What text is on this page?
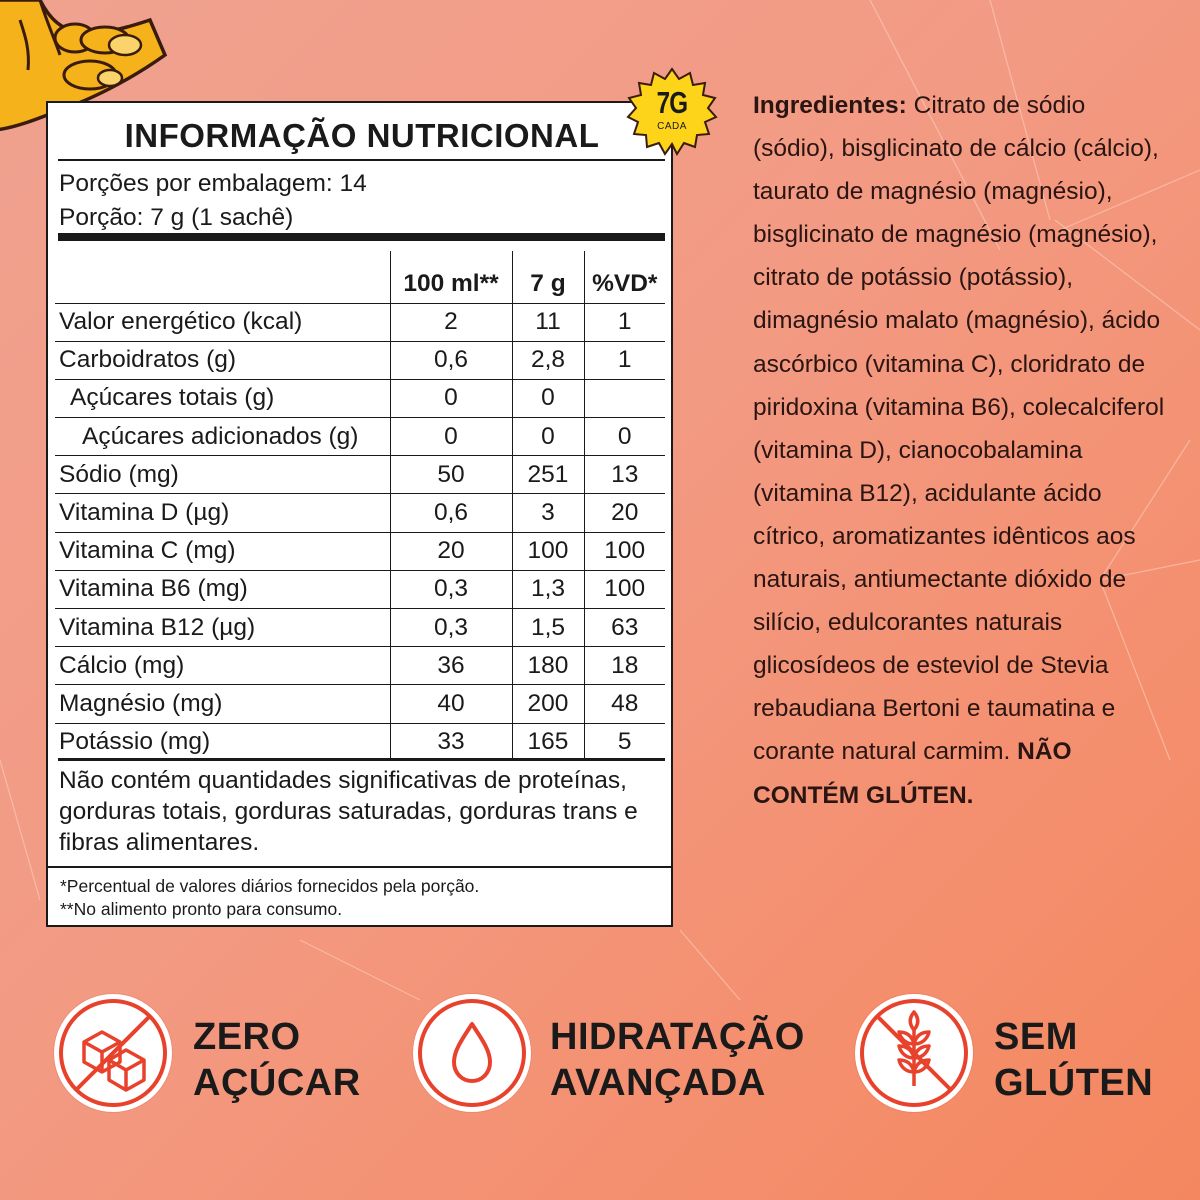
INFORMAÇÃO NUTRICIONAL
Porções por embalagem: 14
Porção: 7 g (1 sachê)
	100 ml**	7 g	%VD*
Valor energético (kcal)	2	11	1
Carboidratos (g)	0,6	2,8	1
Açúcares totais (g)	0	0	
Açúcares adicionados (g)	0	0	0
Sódio (mg)	50	251	13
Vitamina D (µg)	0,6	3	20
Vitamina C (mg)	20	100	100
Vitamina B6 (mg)	0,3	1,3	100
Vitamina B12 (µg)	0,3	1,5	63
Cálcio (mg)	36	180	18
Magnésio (mg)	40	200	48
Potássio (mg)	33	165	5
Não contém quantidades significativas de proteínas, gorduras totais, gorduras saturadas, gorduras trans e fibras alimentares.
*Percentual de valores diários fornecidos pela porção.
**No alimento pronto para consumo.
7G
CADA
Ingredientes: Citrato de sódio (sódio), bisglicinato de cálcio (cálcio), taurato de magnésio (magnésio), bisglicinato de magnésio (magnésio), citrato de potássio (potássio), dimagnésio malato (magnésio), ácido ascórbico (vitamina C), cloridrato de piridoxina (vitamina B6), colecalciferol (vitamina D), cianocobalamina (vitamina B12), acidulante ácido cítrico, aromatizantes idênticos aos naturais, antiumectante dióxido de silício, edulcorantes naturais glicosídeos de esteviol de Stevia rebaudiana Bertoni e taumatina e corante natural carmim. NÃO CONTÉM GLÚTEN.
ZERO
AÇÚCAR
HIDRATAÇÃO
AVANÇADA
SEM
GLÚTEN
